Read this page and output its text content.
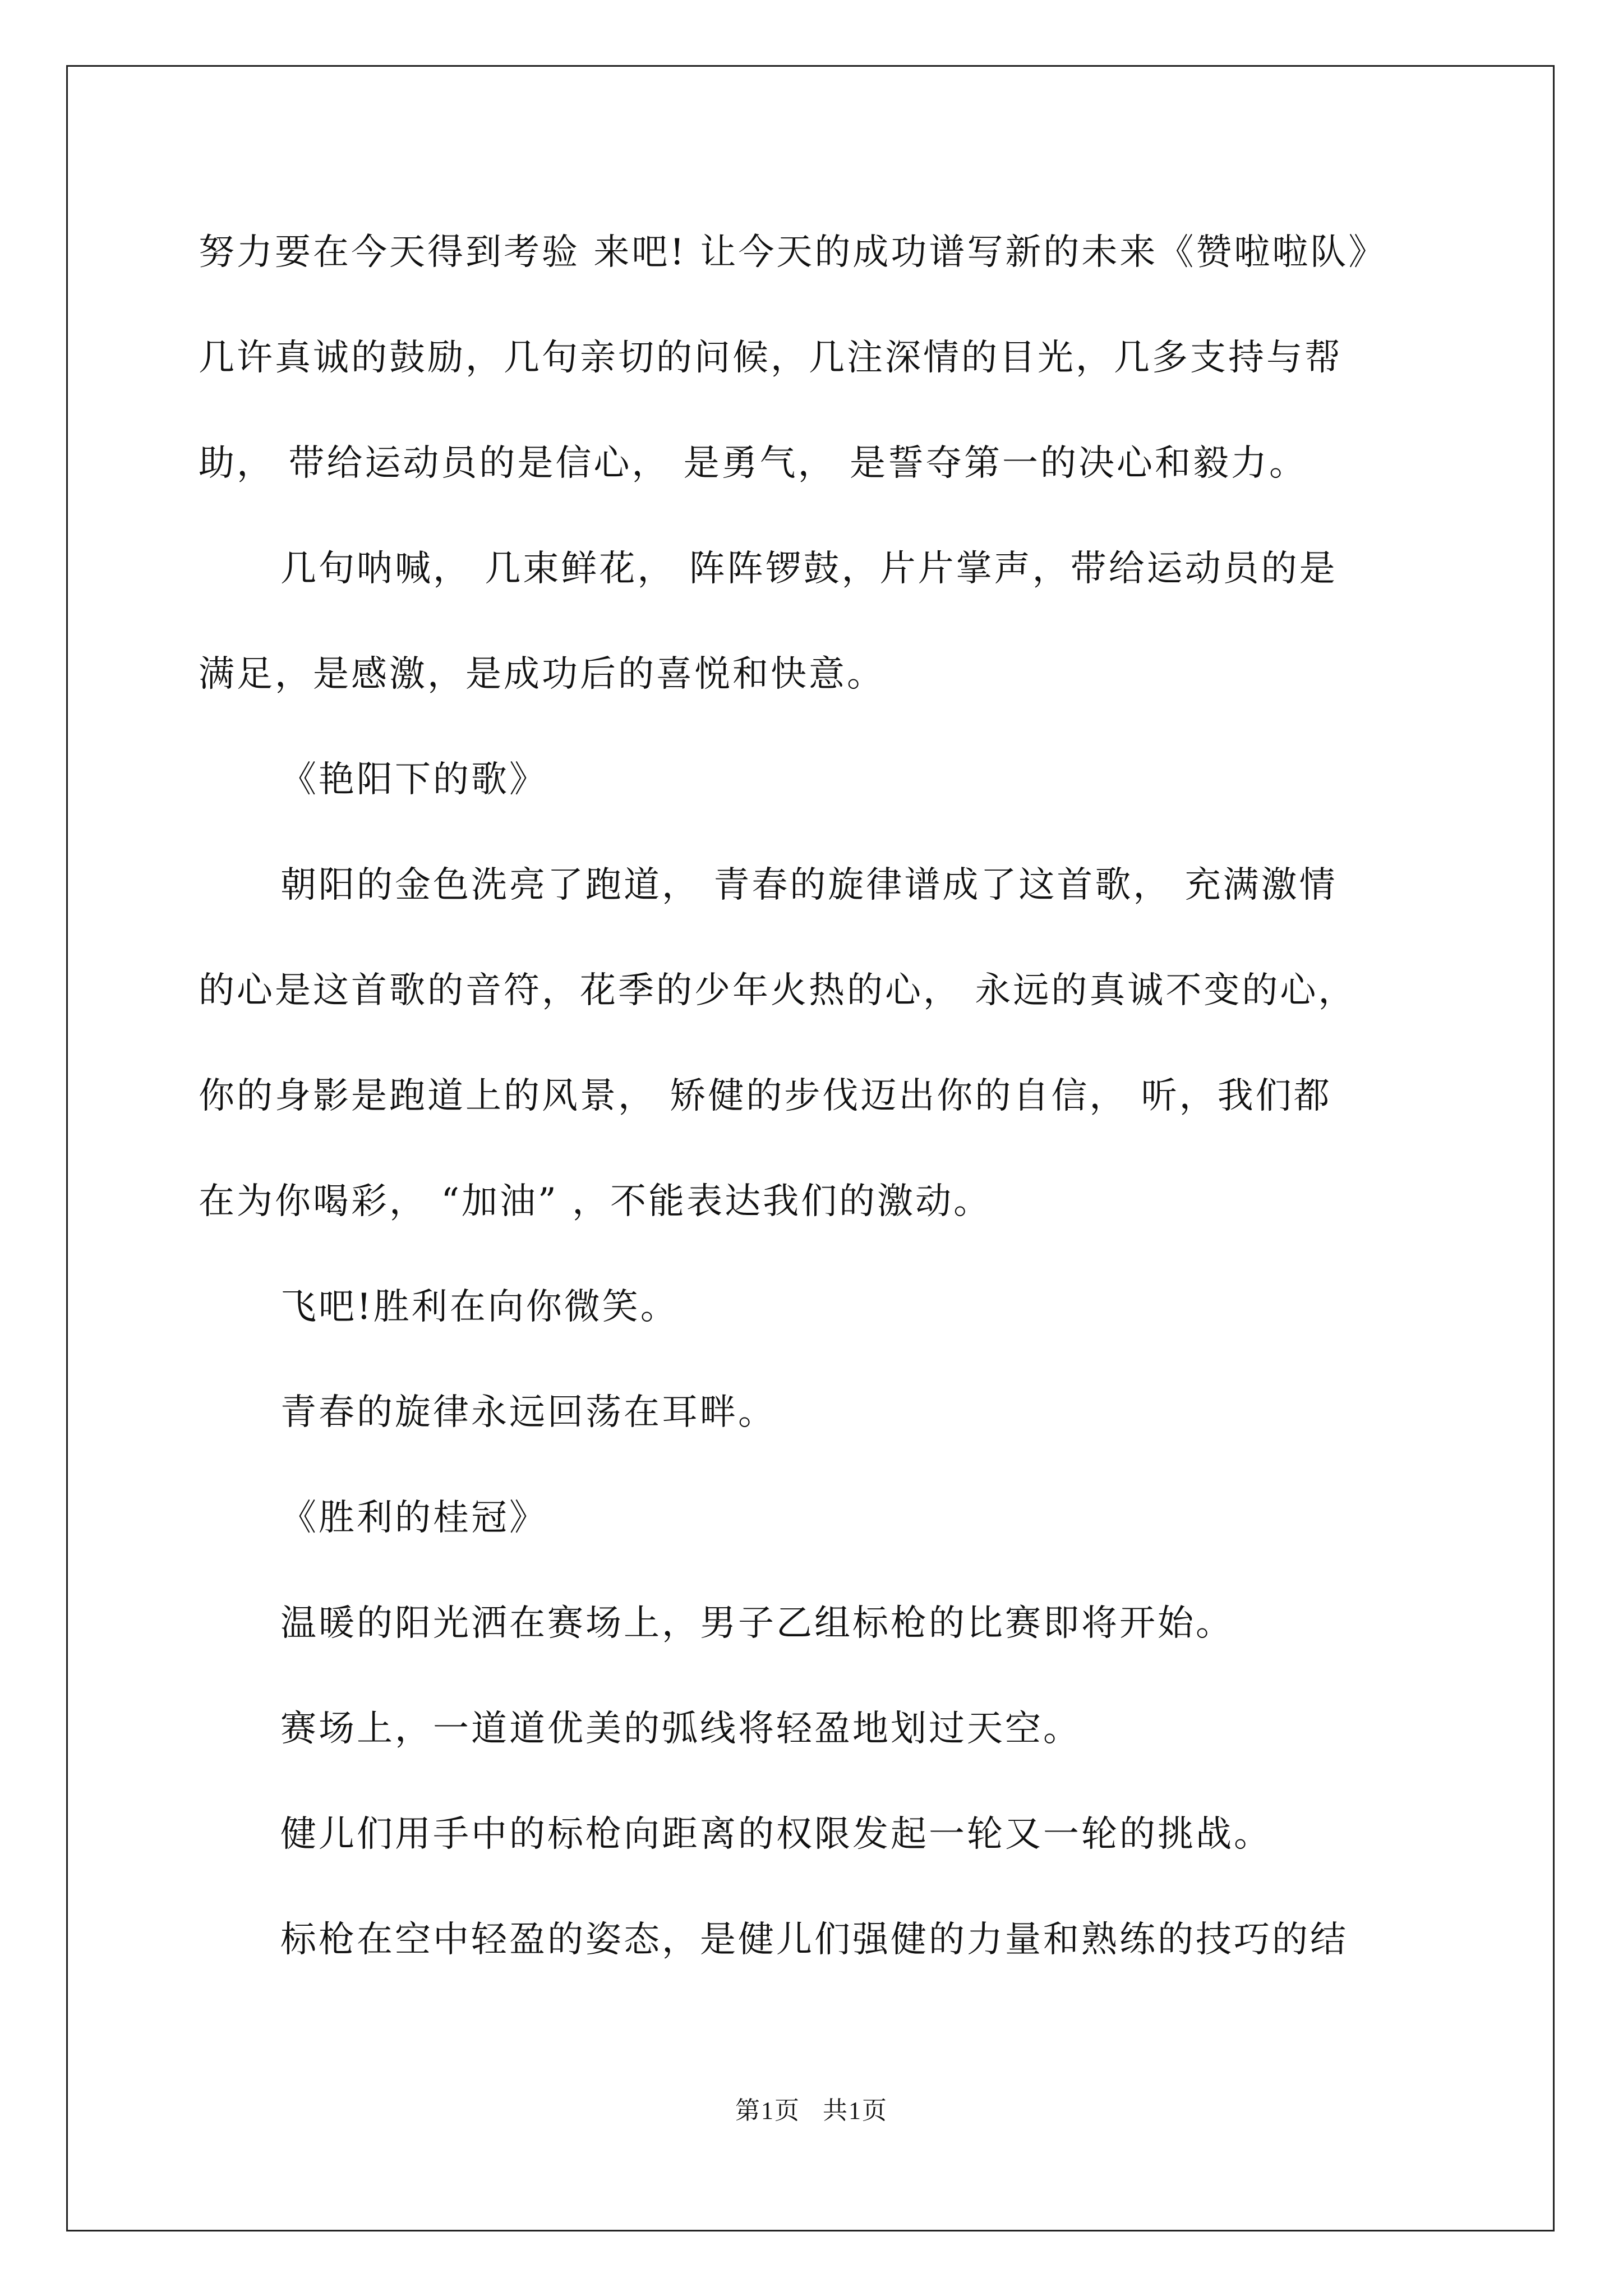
努力要在今天得到考验 来吧! 让今天的成功谱写新的未来《赞啦啦队》
几许真诚的鼓励，几句亲切的问候，几注深情的目光，几多支持与帮
助， 带给运动员的是信心， 是勇气， 是誓夺第一的决心和毅力。
几句呐喊， 几束鲜花， 阵阵锣鼓，片片掌声，带给运动员的是
满足，是感激，是成功后的喜悦和快意。
《艳阳下的歌》
朝阳的金色洗亮了跑道， 青春的旋律谱成了这首歌， 充满激情
的心是这首歌的音符，花季的少年火热的心， 永远的真诚不变的心，
你的身影是跑道上的风景， 矫健的步伐迈出你的自信， 听，我们都
在为你喝彩， “加油” ，不能表达我们的激动。
飞吧!胜利在向你微笑。
青春的旋律永远回荡在耳畔。
《胜利的桂冠》
温暖的阳光洒在赛场上，男子乙组标枪的比赛即将开始。
赛场上，一道道优美的弧线将轻盈地划过天空。
健儿们用手中的标枪向距离的权限发起一轮又一轮的挑战。
标枪在空中轻盈的姿态，是健儿们强健的力量和熟练的技巧的结
第1页 共1页
